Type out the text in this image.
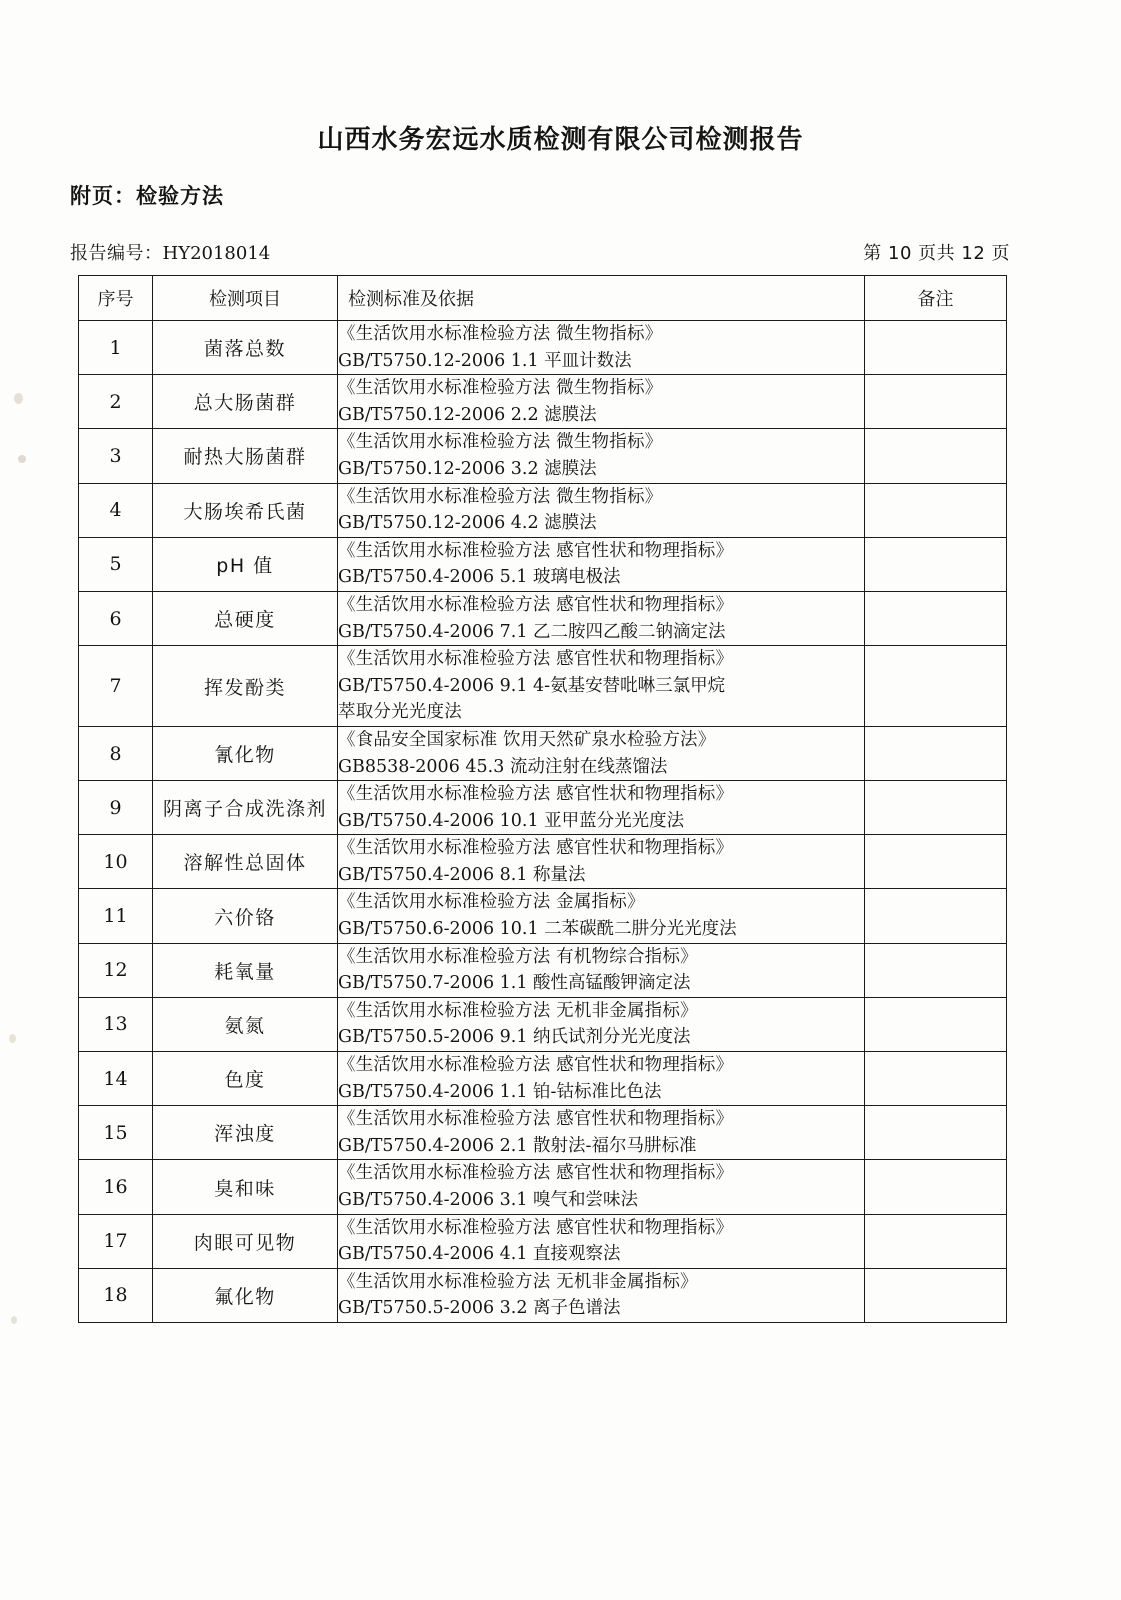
山西水务宏远水质检测有限公司检测报告
附页：检验方法
报告编号：HY2018014	第 10 页共 12 页
序号	检测项目	检测标准及依据	备注
1	菌落总数	《生活饮用水标准检验方法 微生物指标》
GB/T5750.12-2006 1.1 平皿计数法	

2	总大肠菌群	《生活饮用水标准检验方法 微生物指标》
GB/T5750.12-2006 2.2 滤膜法	

3	耐热大肠菌群	《生活饮用水标准检验方法 微生物指标》
GB/T5750.12-2006 3.2 滤膜法	

4	大肠埃希氏菌	《生活饮用水标准检验方法 微生物指标》
GB/T5750.12-2006 4.2 滤膜法	

5	pH 值	《生活饮用水标准检验方法 感官性状和物理指标》
GB/T5750.4-2006 5.1 玻璃电极法	

6	总硬度	《生活饮用水标准检验方法 感官性状和物理指标》
GB/T5750.4-2006 7.1 乙二胺四乙酸二钠滴定法	

7	挥发酚类	《生活饮用水标准检验方法 感官性状和物理指标》
GB/T5750.4-2006 9.1 4-氨基安替吡啉三氯甲烷
萃取分光光度法	

8	氰化物	《食品安全国家标准 饮用天然矿泉水检验方法》
GB8538-2006 45.3 流动注射在线蒸馏法	

9	阴离子合成洗涤剂	《生活饮用水标准检验方法 感官性状和物理指标》
GB/T5750.4-2006 10.1 亚甲蓝分光光度法	

10	溶解性总固体	《生活饮用水标准检验方法 感官性状和物理指标》
GB/T5750.4-2006 8.1 称量法	

11	六价铬	《生活饮用水标准检验方法 金属指标》
GB/T5750.6-2006 10.1 二苯碳酰二肼分光光度法	

12	耗氧量	《生活饮用水标准检验方法 有机物综合指标》
GB/T5750.7-2006 1.1 酸性高锰酸钾滴定法	

13	氨氮	《生活饮用水标准检验方法 无机非金属指标》
GB/T5750.5-2006 9.1 纳氏试剂分光光度法	

14	色度	《生活饮用水标准检验方法 感官性状和物理指标》
GB/T5750.4-2006 1.1 铂-钴标准比色法	

15	浑浊度	《生活饮用水标准检验方法 感官性状和物理指标》
GB/T5750.4-2006 2.1 散射法-福尔马肼标准	

16	臭和味	《生活饮用水标准检验方法 感官性状和物理指标》
GB/T5750.4-2006 3.1 嗅气和尝味法	

17	肉眼可见物	《生活饮用水标准检验方法 感官性状和物理指标》
GB/T5750.4-2006 4.1 直接观察法	

18	氟化物	《生活饮用水标准检验方法 无机非金属指标》
GB/T5750.5-2006 3.2 离子色谱法	
